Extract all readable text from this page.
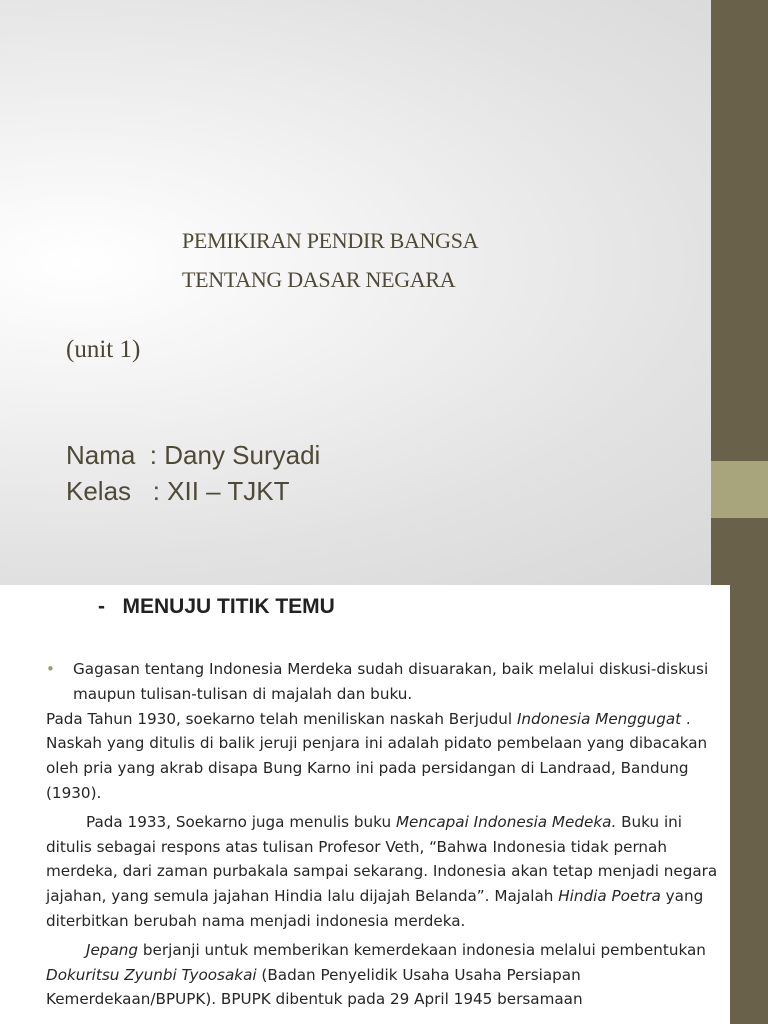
PEMIKIRAN PENDIR BANGSA
TENTANG DASAR NEGARA
(unit 1)
Nama  : Dany Suryadi
Kelas   : XII – TJKT
-   MENUJU TITIK TEMU
• Gagasan tentang Indonesia Merdeka sudah disuarakan, baik melalui diskusi-diskusi maupun tulisan-tulisan di majalah dan buku.

Pada Tahun 1930, soekarno telah meniliskan naskah Berjudul Indonesia Menggugat . Naskah yang ditulis di balik jeruji penjara ini adalah pidato pembelaan yang dibacakan oleh pria yang akrab disapa Bung Karno ini pada persidangan di Landraad, Bandung (1930).

Pada 1933, Soekarno juga menulis buku Mencapai Indonesia Medeka. Buku ini ditulis sebagai respons atas tulisan Profesor Veth, “Bahwa Indonesia tidak pernah merdeka, dari zaman purbakala sampai sekarang. Indonesia akan tetap menjadi negara jajahan, yang semula jajahan Hindia lalu dijajah Belanda”. Majalah Hindia Poetra yang diterbitkan berubah nama menjadi indonesia merdeka.

Jepang berjanji untuk memberikan kemerdekaan indonesia melalui pembentukan Dokuritsu Zyunbi Tyoosakai (Badan Penyelidik Usaha Usaha Persiapan Kemerdekaan/BPUPK). BPUPK dibentuk pada 29 April 1945 bersamaan
